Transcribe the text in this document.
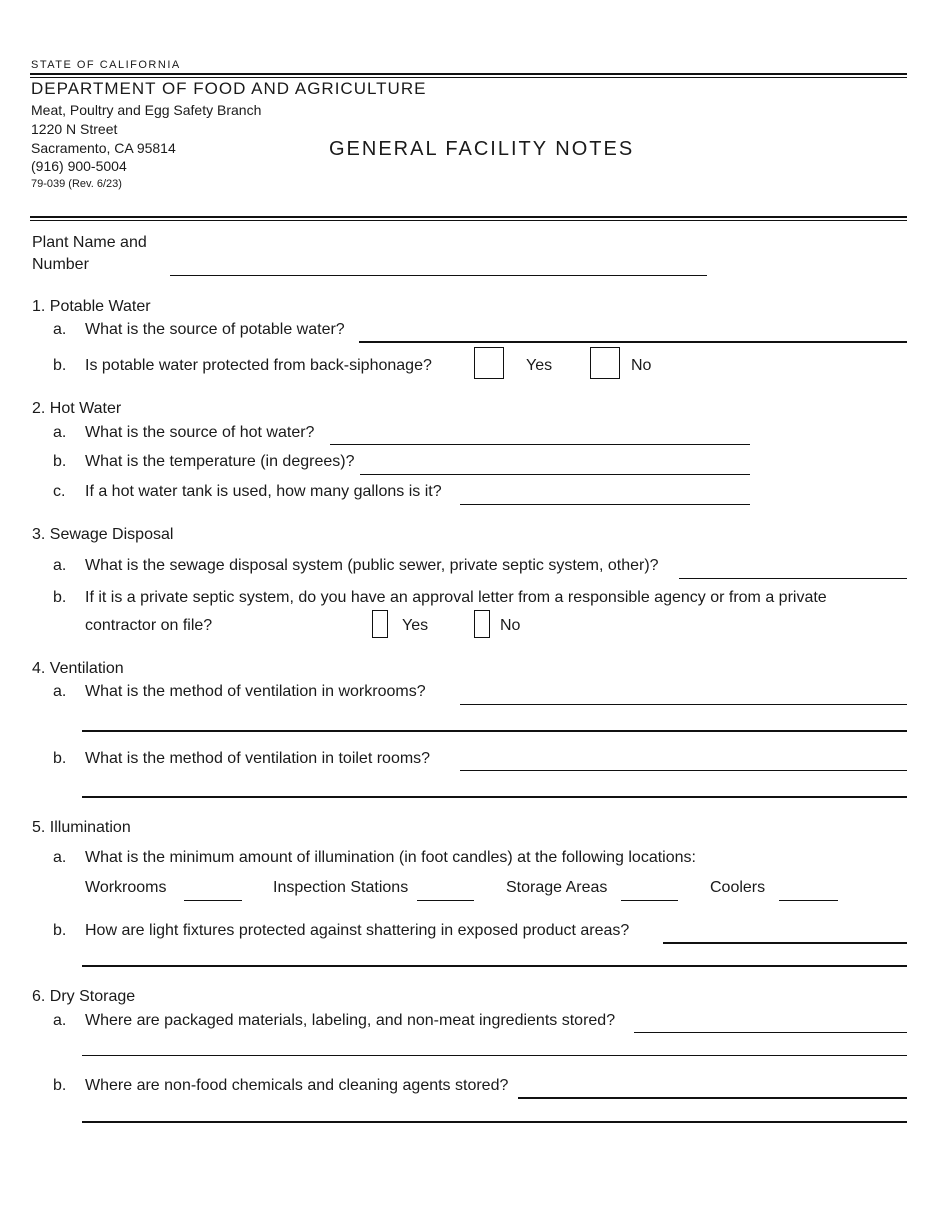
STATE OF CALIFORNIA
DEPARTMENT OF FOOD AND AGRICULTURE
Meat, Poultry and Egg Safety Branch
1220 N Street
Sacramento, CA 95814
(916) 900-5004
79-039 (Rev. 6/23)
GENERAL FACILITY NOTES
Plant Name and
Number
1. Potable Water
a. What is the source of potable water?
b. Is potable water protected from back-siphonage?	Yes	No
2. Hot Water
a. What is the source of hot water?
b. What is the temperature (in degrees)?
c. If a hot water tank is used, how many gallons is it?
3. Sewage Disposal
a. What is the sewage disposal system (public sewer, private septic system, other)?
b. If it is a private septic system, do you have an approval letter from a responsible agency or from a private
contractor on file?	Yes	No
4. Ventilation
a. What is the method of ventilation in workrooms?
b. What is the method of ventilation in toilet rooms?
5. Illumination
a. What is the minimum amount of illumination (in foot candles) at the following locations:
Workrooms	Inspection Stations	Storage Areas	Coolers
b. How are light fixtures protected against shattering in exposed product areas?
6. Dry Storage
a. Where are packaged materials, labeling, and non-meat ingredients stored?
b. Where are non-food chemicals and cleaning agents stored?
